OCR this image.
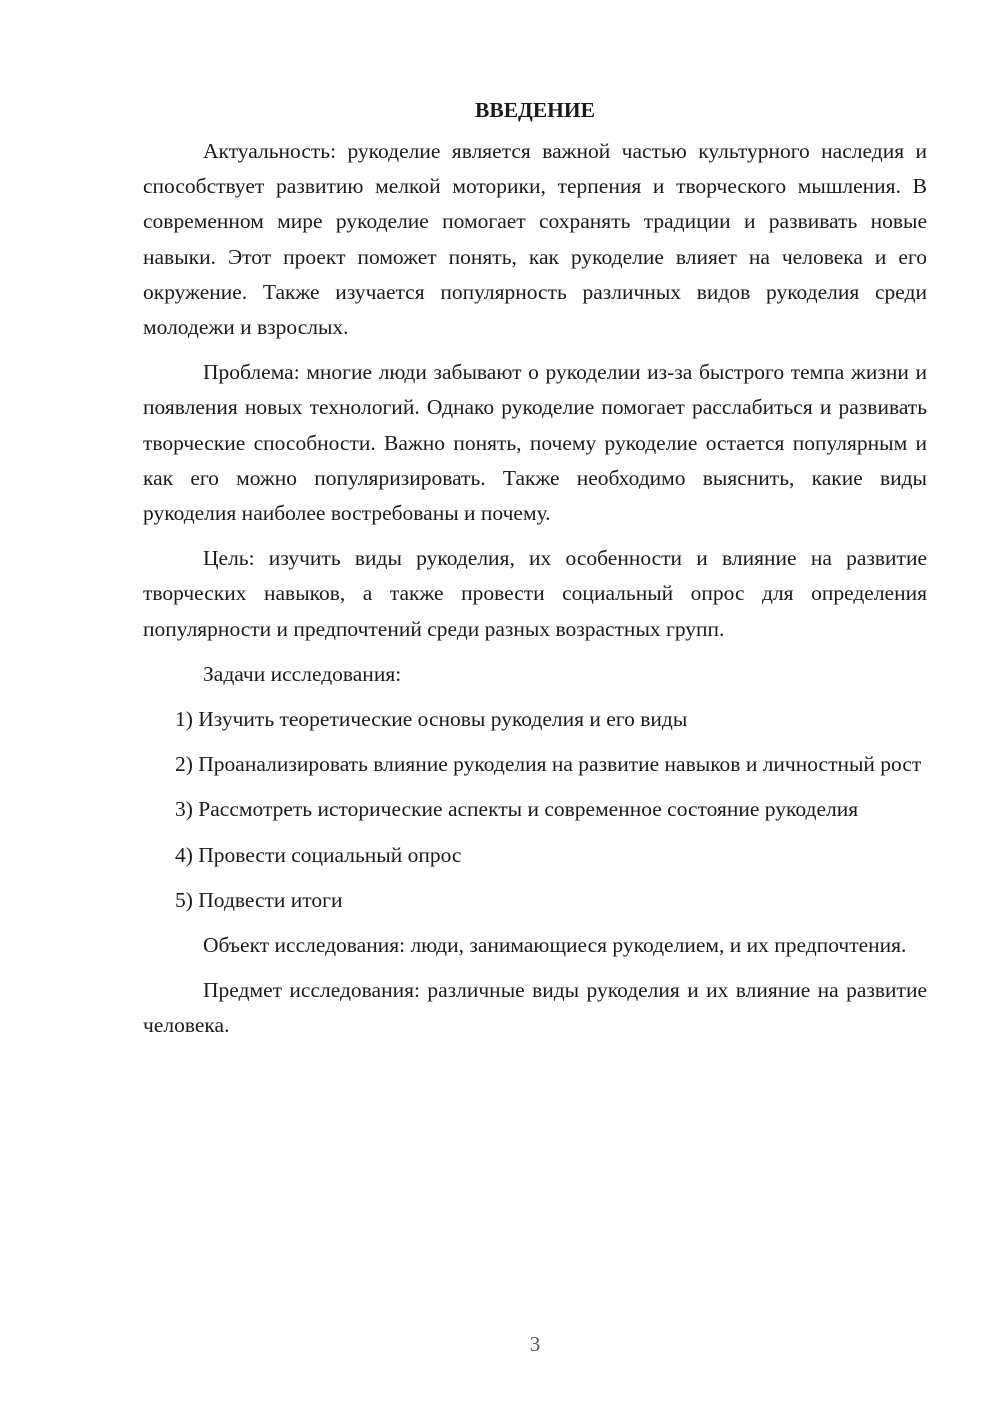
ВВЕДЕНИЕ

Актуальность: рукоделие является важной частью культурного наследия и способствует развитию мелкой моторики, терпения и творческого мышления. В современном мире рукоделие помогает сохранять традиции и развивать новые навыки. Этот проект поможет понять, как рукоделие влияет на человека и его окружение. Также изучается популярность различных видов рукоделия среди молодежи и взрослых.

Проблема: многие люди забывают о рукоделии из-за быстрого темпа жизни и появления новых технологий. Однако рукоделие помогает расслабиться и развивать творческие способности. Важно понять, почему рукоделие остается популярным и как его можно популяризировать. Также необходимо выяснить, какие виды рукоделия наиболее востребованы и почему.

Цель: изучить виды рукоделия, их особенности и влияние на развитие творческих навыков, а также провести социальный опрос для определения популярности и предпочтений среди разных возрастных групп.

Задачи исследования:

1) Изучить теоретические основы рукоделия и его виды

2) Проанализировать влияние рукоделия на развитие навыков и личностный рост

3) Рассмотреть исторические аспекты и современное состояние рукоделия

4) Провести социальный опрос

5) Подвести итоги

Объект исследования: люди, занимающиеся рукоделием, и их предпочтения.

Предмет исследования: различные виды рукоделия и их влияние на развитие человека.

3
